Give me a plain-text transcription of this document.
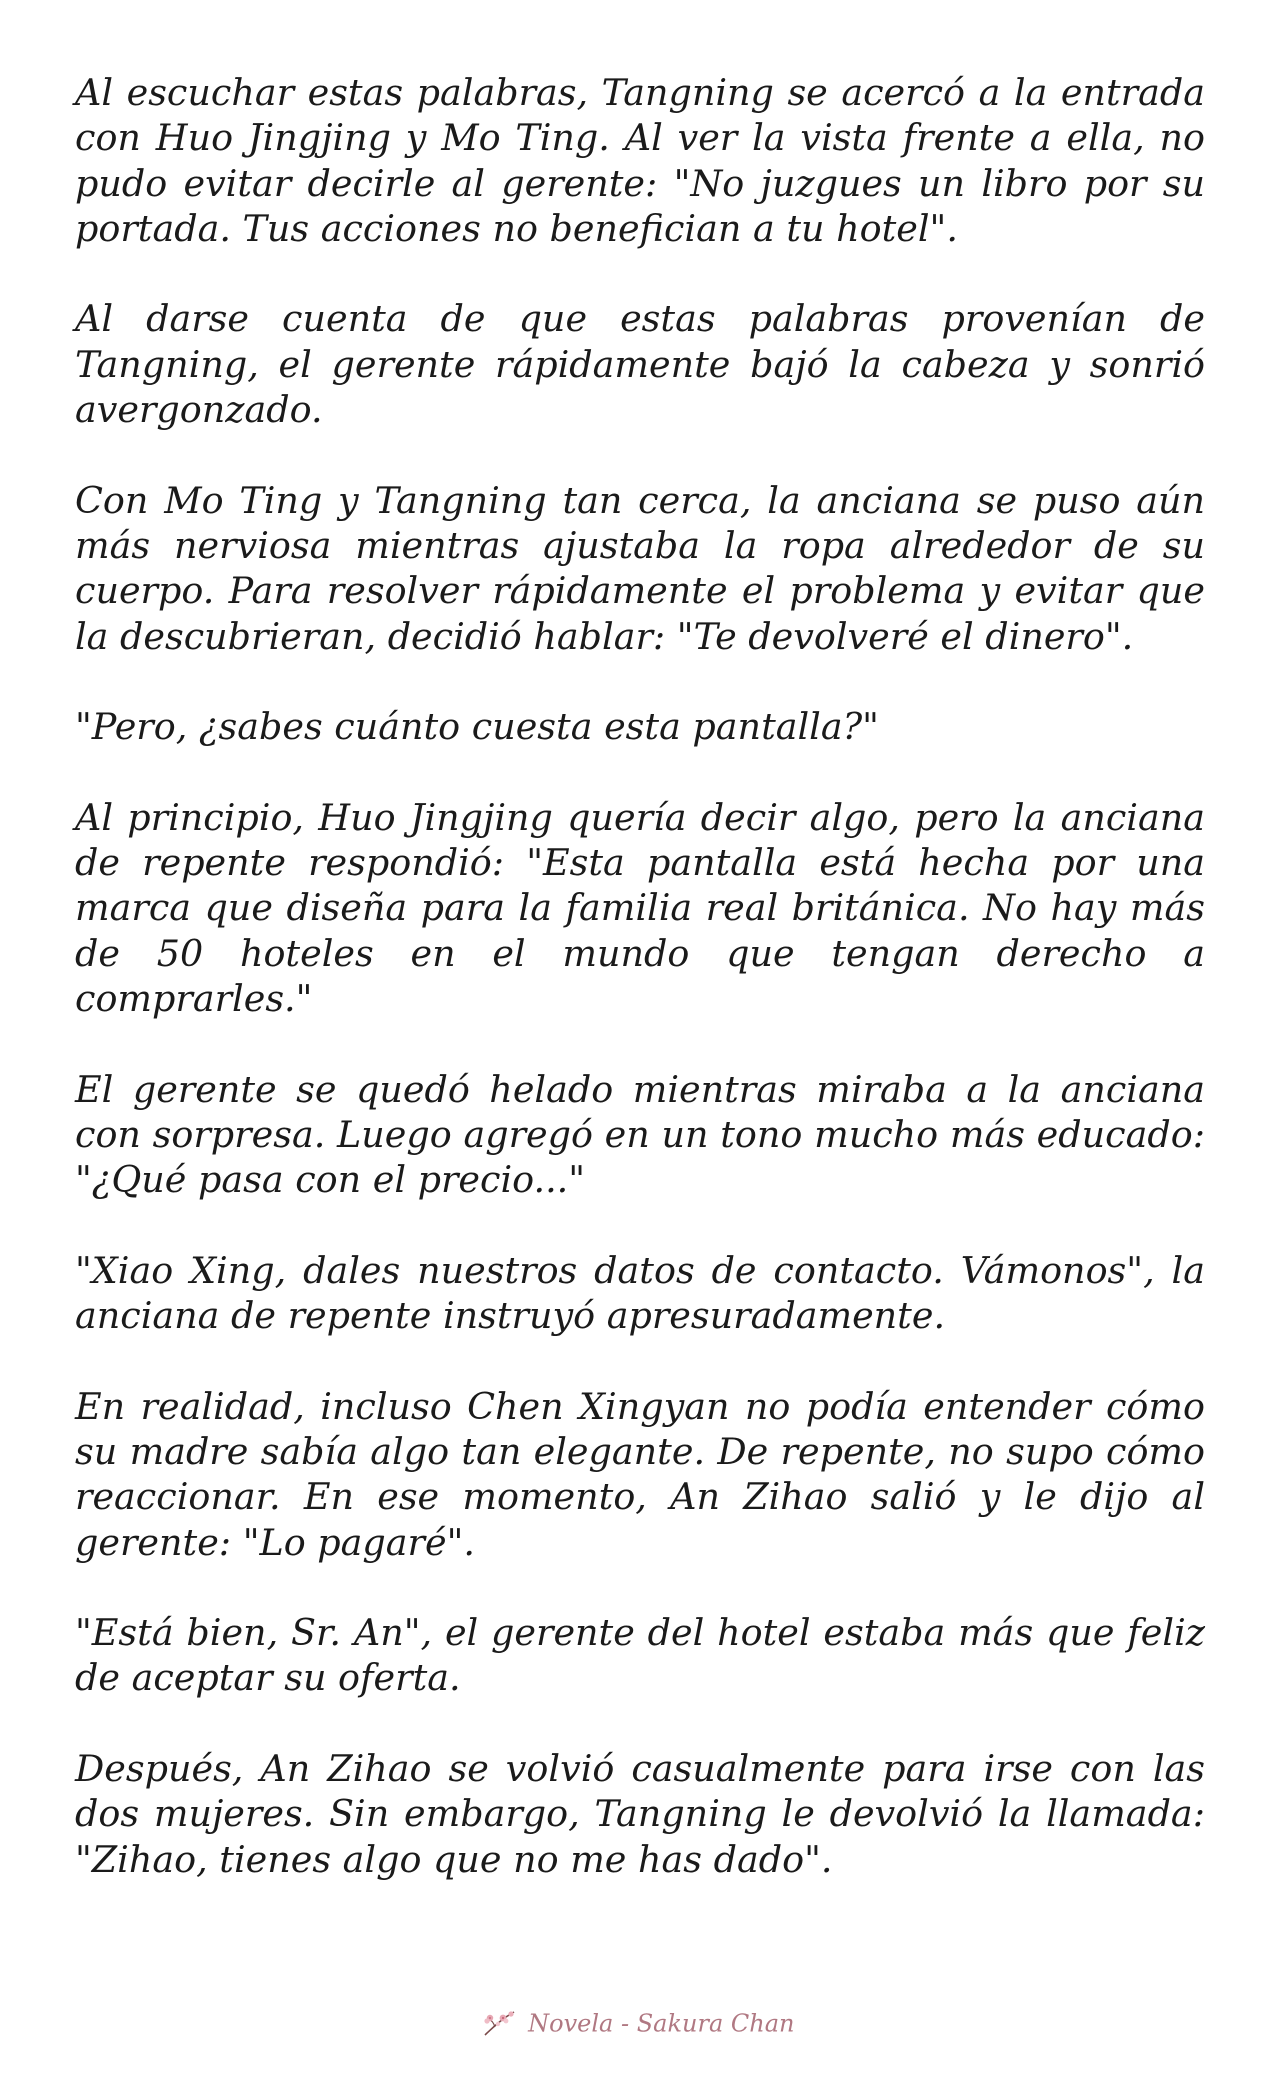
Al escuchar estas palabras, Tangning se acercó a la entrada con Huo Jingjing y Mo Ting. Al ver la vista frente a ella, no pudo evitar decirle al gerente: "No juzgues un libro por su portada. Tus acciones no benefician a tu hotel".

Al darse cuenta de que estas palabras provenían de Tangning, el gerente rápidamente bajó la cabeza y sonrió avergonzado.

Con Mo Ting y Tangning tan cerca, la anciana se puso aún más nerviosa mientras ajustaba la ropa alrededor de su cuerpo. Para resolver rápidamente el problema y evitar que la descubrieran, decidió hablar: "Te devolveré el dinero".

"Pero, ¿sabes cuánto cuesta esta pantalla?"

Al principio, Huo Jingjing quería decir algo, pero la anciana de repente respondió: "Esta pantalla está hecha por una marca que diseña para la familia real británica. No hay más de 50 hoteles en el mundo que tengan derecho a comprarles."

El gerente se quedó helado mientras miraba a la anciana con sorpresa. Luego agregó en un tono mucho más educado: "¿Qué pasa con el precio..."

"Xiao Xing, dales nuestros datos de contacto. Vámonos", la anciana de repente instruyó apresuradamente.

En realidad, incluso Chen Xingyan no podía entender cómo su madre sabía algo tan elegante. De repente, no supo cómo reaccionar. En ese momento, An Zihao salió y le dijo al gerente: "Lo pagaré".

"Está bien, Sr. An", el gerente del hotel estaba más que feliz de aceptar su oferta.

Después, An Zihao se volvió casualmente para irse con las dos mujeres. Sin embargo, Tangning le devolvió la llamada: "Zihao, tienes algo que no me has dado".

Novela - Sakura Chan
